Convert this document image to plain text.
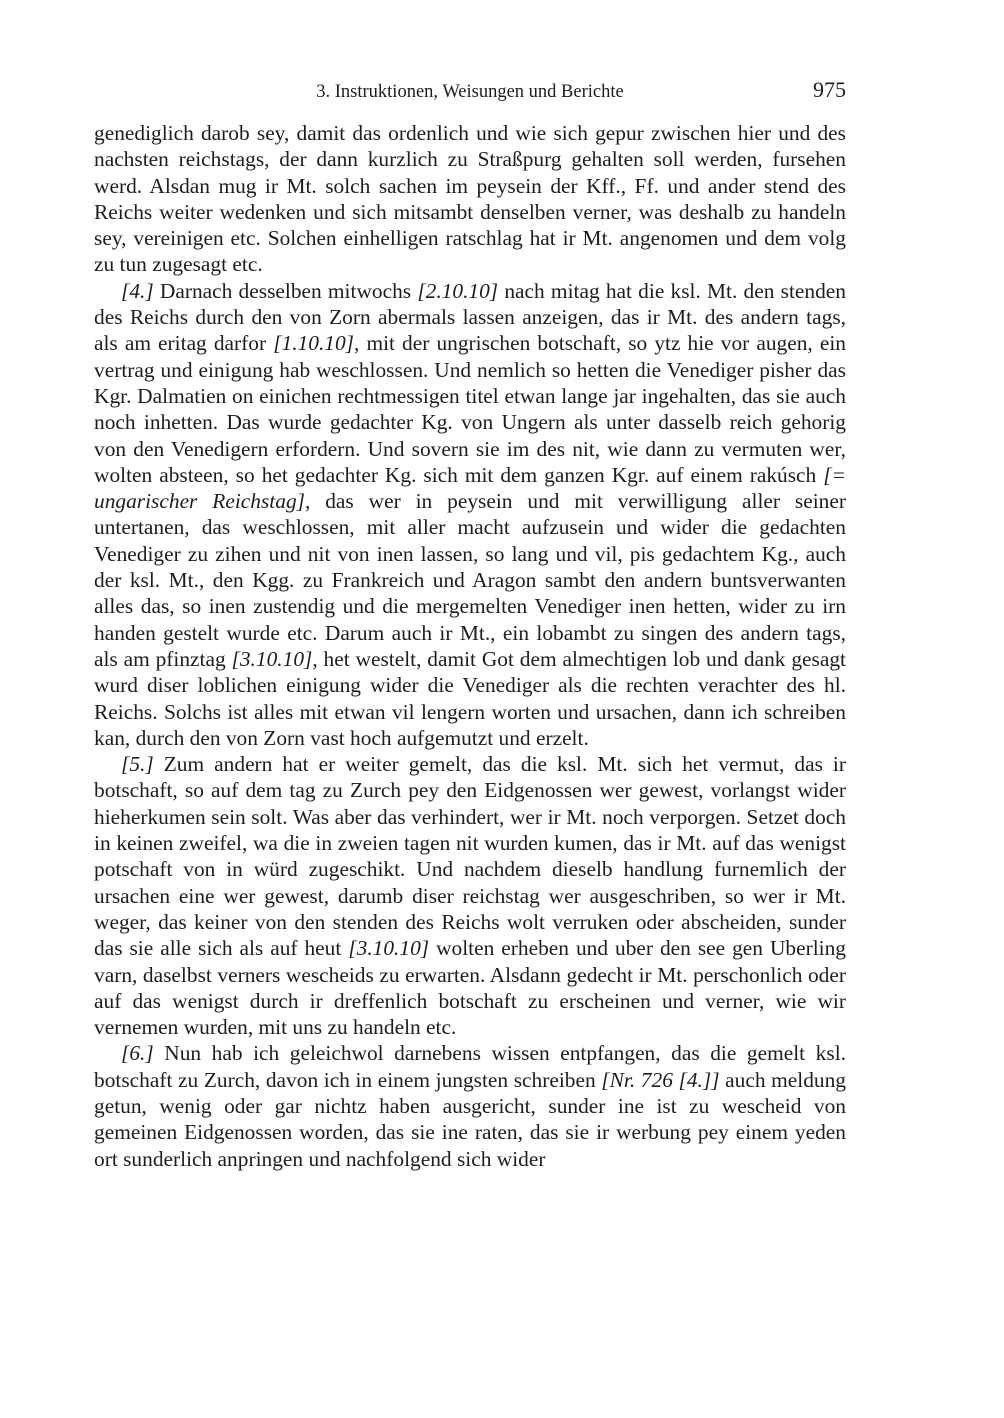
3. Instruktionen, Weisungen und Berichte	975

genediglich darob sey, damit das ordenlich und wie sich gepur zwischen hier und des nachsten reichstags, der dann kurzlich zu Straßpurg gehalten soll werden, fursehen werd. Alsdan mug ir Mt. solch sachen im peysein der Kff., Ff. und ander stend des Reichs weiter wedenken und sich mitsambt denselben verner, was deshalb zu handeln sey, vereinigen etc. Solchen einhelligen ratschlag hat ir Mt. angenomen und dem volg zu tun zugesagt etc.

[4.] Darnach desselben mitwochs [2.10.10] nach mitag hat die ksl. Mt. den stenden des Reichs durch den von Zorn abermals lassen anzeigen, das ir Mt. des andern tags, als am eritag darfor [1.10.10], mit der ungrischen botschaft, so ytz hie vor augen, ein vertrag und einigung hab weschlossen. Und nemlich so hetten die Venediger pisher das Kgr. Dalmatien on einichen rechtmessigen titel etwan lange jar ingehalten, das sie auch noch inhetten. Das wurde gedachter Kg. von Ungern als unter dasselb reich gehorig von den Venedigern erfordern. Und sovern sie im des nit, wie dann zu vermuten wer, wolten absteen, so het gedachter Kg. sich mit dem ganzen Kgr. auf einem rakúsch [= ungarischer Reichstag], das wer in peysein und mit verwilligung aller seiner untertanen, das weschlossen, mit aller macht aufzusein und wider die gedachten Venediger zu zihen und nit von inen lassen, so lang und vil, pis gedachtem Kg., auch der ksl. Mt., den Kgg. zu Frankreich und Aragon sambt den andern buntsverwanten alles das, so inen zustendig und die mergemelten Venediger inen hetten, wider zu irn handen gestelt wurde etc. Darum auch ir Mt., ein lobambt zu singen des andern tags, als am pfinztag [3.10.10], het westelt, damit Got dem almechtigen lob und dank gesagt wurd diser loblichen einigung wider die Venediger als die rechten verachter des hl. Reichs. Solchs ist alles mit etwan vil lengern worten und ursachen, dann ich schreiben kan, durch den von Zorn vast hoch aufgemutzt und erzelt.

[5.] Zum andern hat er weiter gemelt, das die ksl. Mt. sich het vermut, das ir botschaft, so auf dem tag zu Zurch pey den Eidgenossen wer gewest, vorlangst wider hieherkumen sein solt. Was aber das verhindert, wer ir Mt. noch verporgen. Setzet doch in keinen zweifel, wa die in zweien tagen nit wurden kumen, das ir Mt. auf das wenigst potschaft von in würd zugeschikt. Und nachdem dieselb handlung furnemlich der ursachen eine wer gewest, darumb diser reichstag wer ausgeschriben, so wer ir Mt. weger, das keiner von den stenden des Reichs wolt verruken oder abscheiden, sunder das sie alle sich als auf heut [3.10.10] wolten erheben und uber den see gen Uberling varn, daselbst verners wescheids zu erwarten. Alsdann gedecht ir Mt. perschonlich oder auf das wenigst durch ir dreffenlich botschaft zu erscheinen und verner, wie wir vernemen wurden, mit uns zu handeln etc.

[6.] Nun hab ich geleichwol darnebens wissen entpfangen, das die gemelt ksl. botschaft zu Zurch, davon ich in einem jungsten schreiben [Nr. 726 [4.]] auch meldung getun, wenig oder gar nichtz haben ausgericht, sunder ine ist zu wescheid von gemeinen Eidgenossen worden, das sie ine raten, das sie ir werbung pey einem yeden ort sunderlich anpringen und nachfolgend sich wider
